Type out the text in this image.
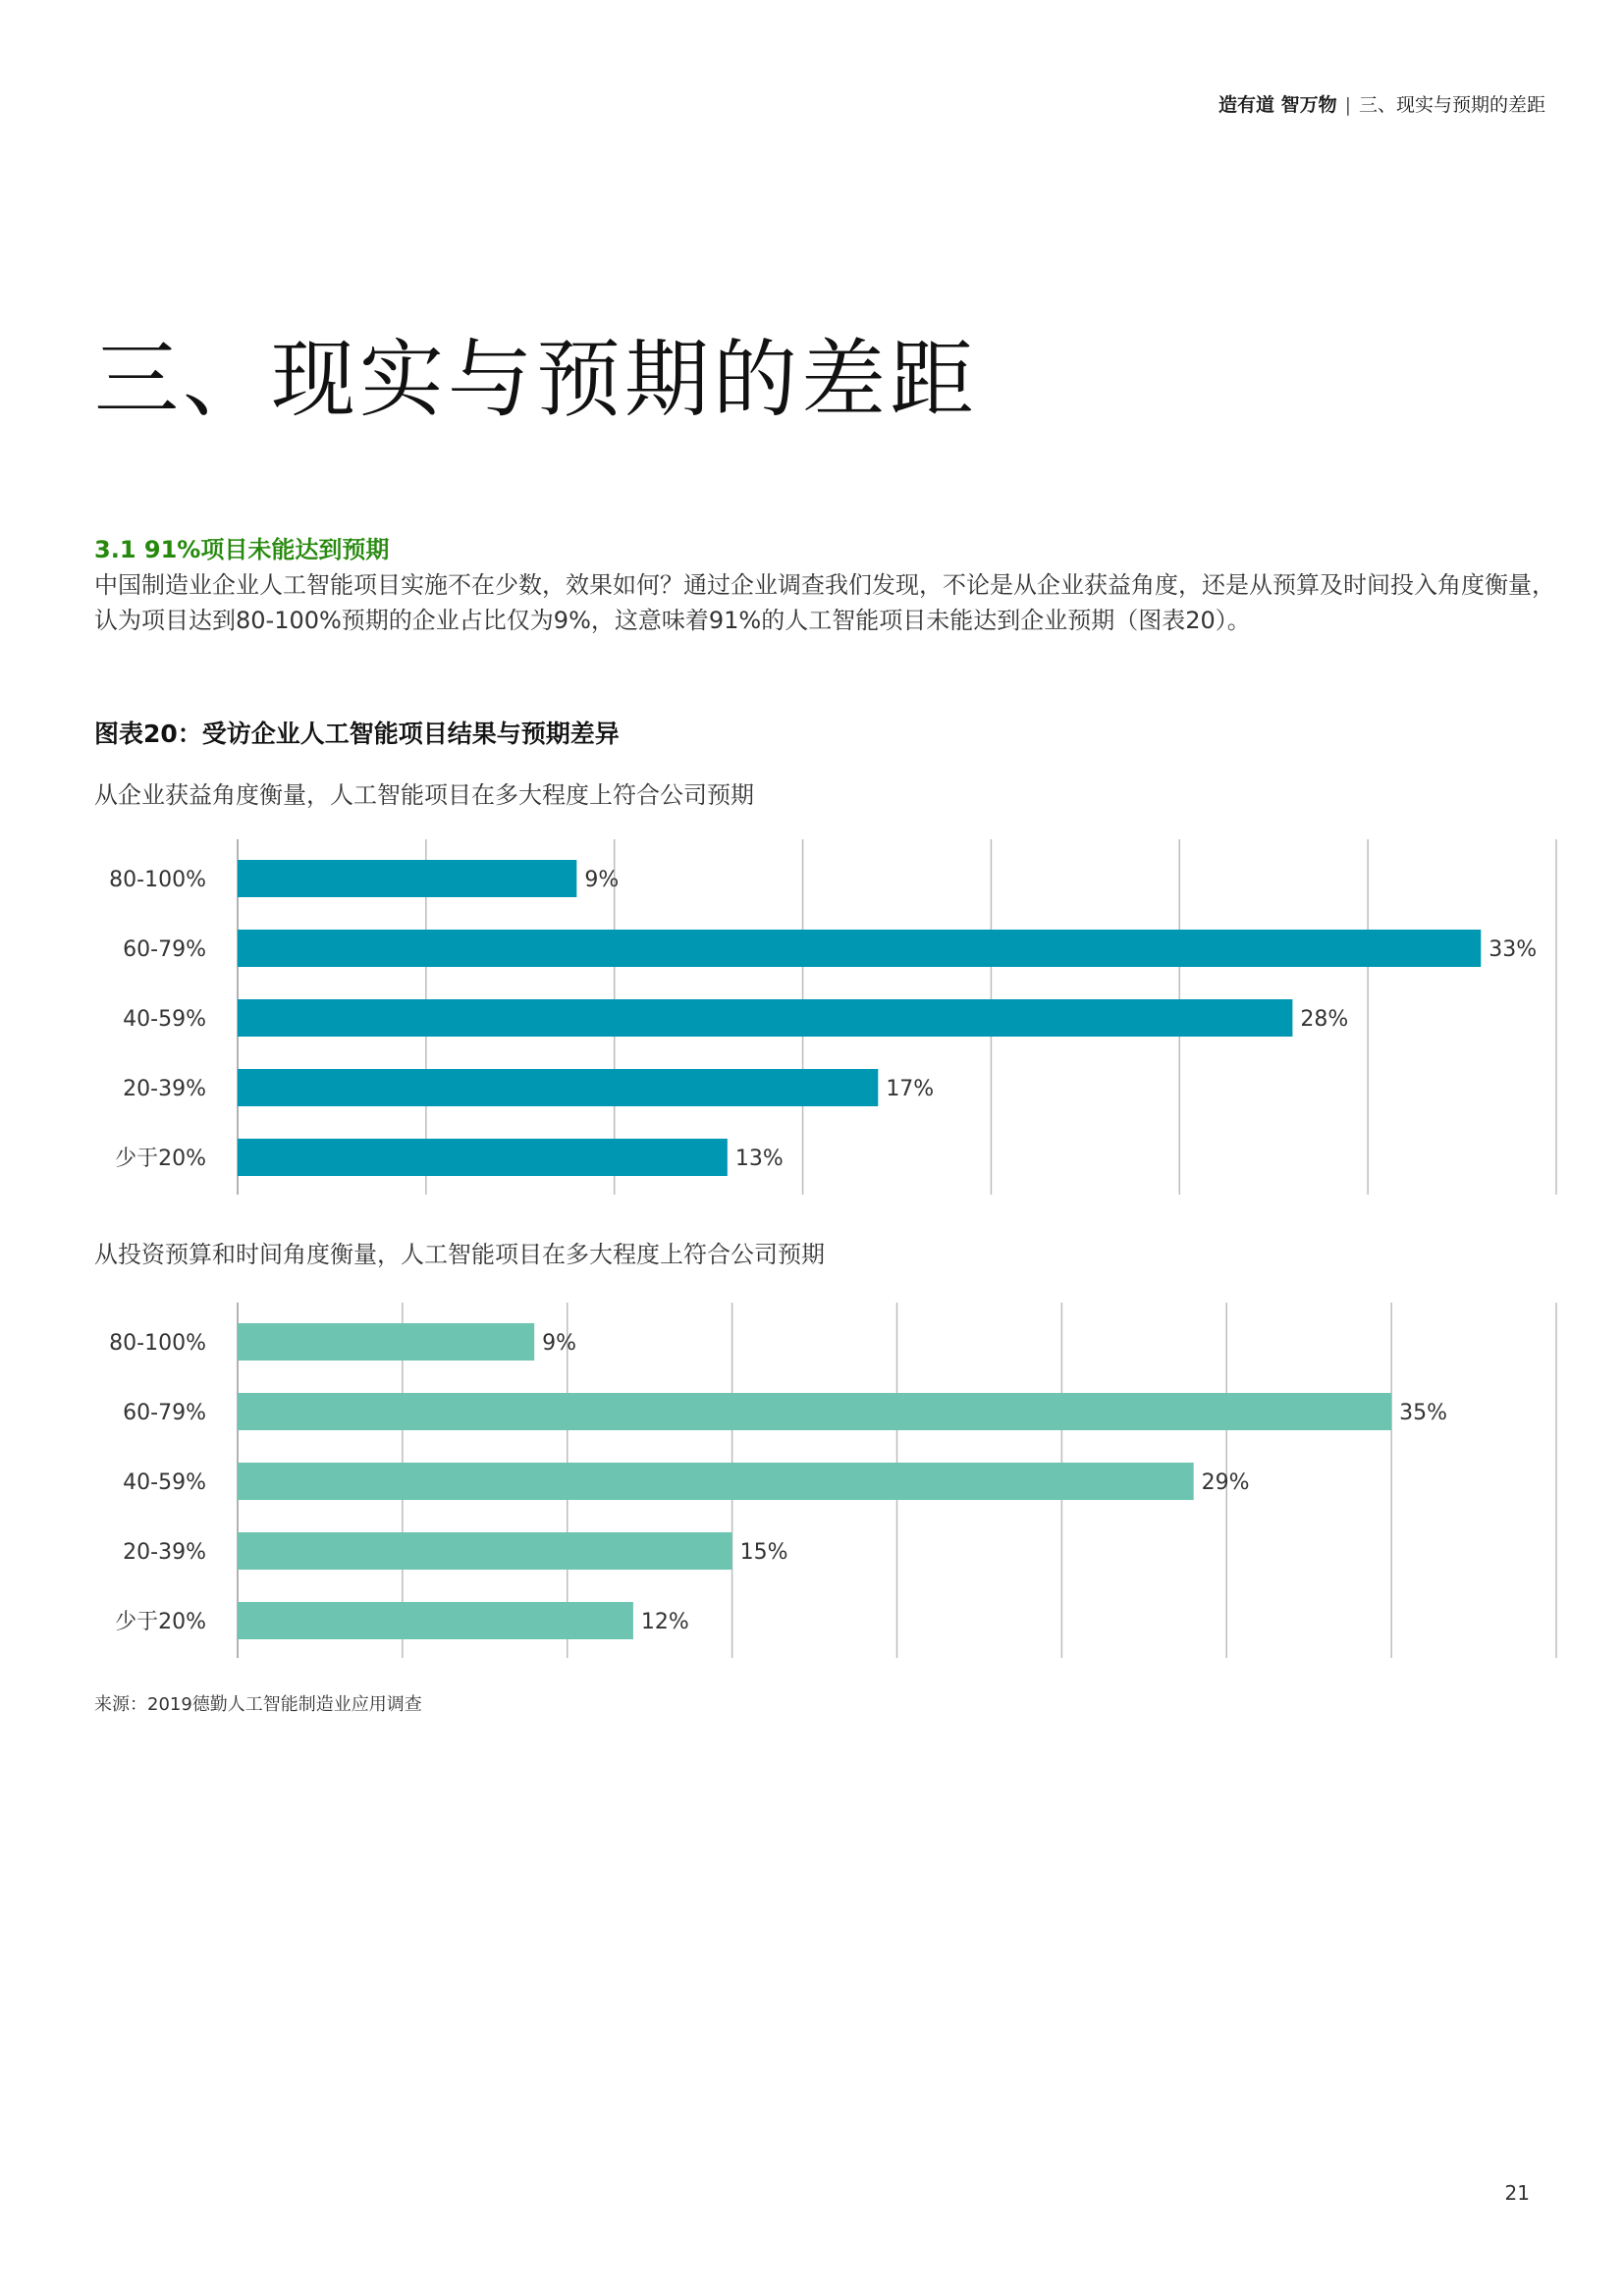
造有道 智万物 | 三、现实与预期的差距
三、现实与预期的差距
3.1 91%项目未能达到预期

中国制造业企业人工智能项目实施不在少数，效果如何？通过企业调查我们发现，不论是从企业获益角度，还是从预算及时间投入角度衡量，认为项目达到80-100%预期的企业占比仅为9%，这意味着91%的人工智能项目未能达到企业预期（图表20）。

图表20：受访企业人工智能项目结果与预期差异

从企业获益角度衡量，人工智能项目在多大程度上符合公司预期

80-100%	9%
60-79%	33%
40-59%	28%
20-39%	17%
少于20%	13%

从投资预算和时间角度衡量，人工智能项目在多大程度上符合公司预期

80-100%	9%
60-79%	35%
40-59%	29%
20-39%	15%
少于20%	12%
来源：2019德勤人工智能制造业应用调查
21
